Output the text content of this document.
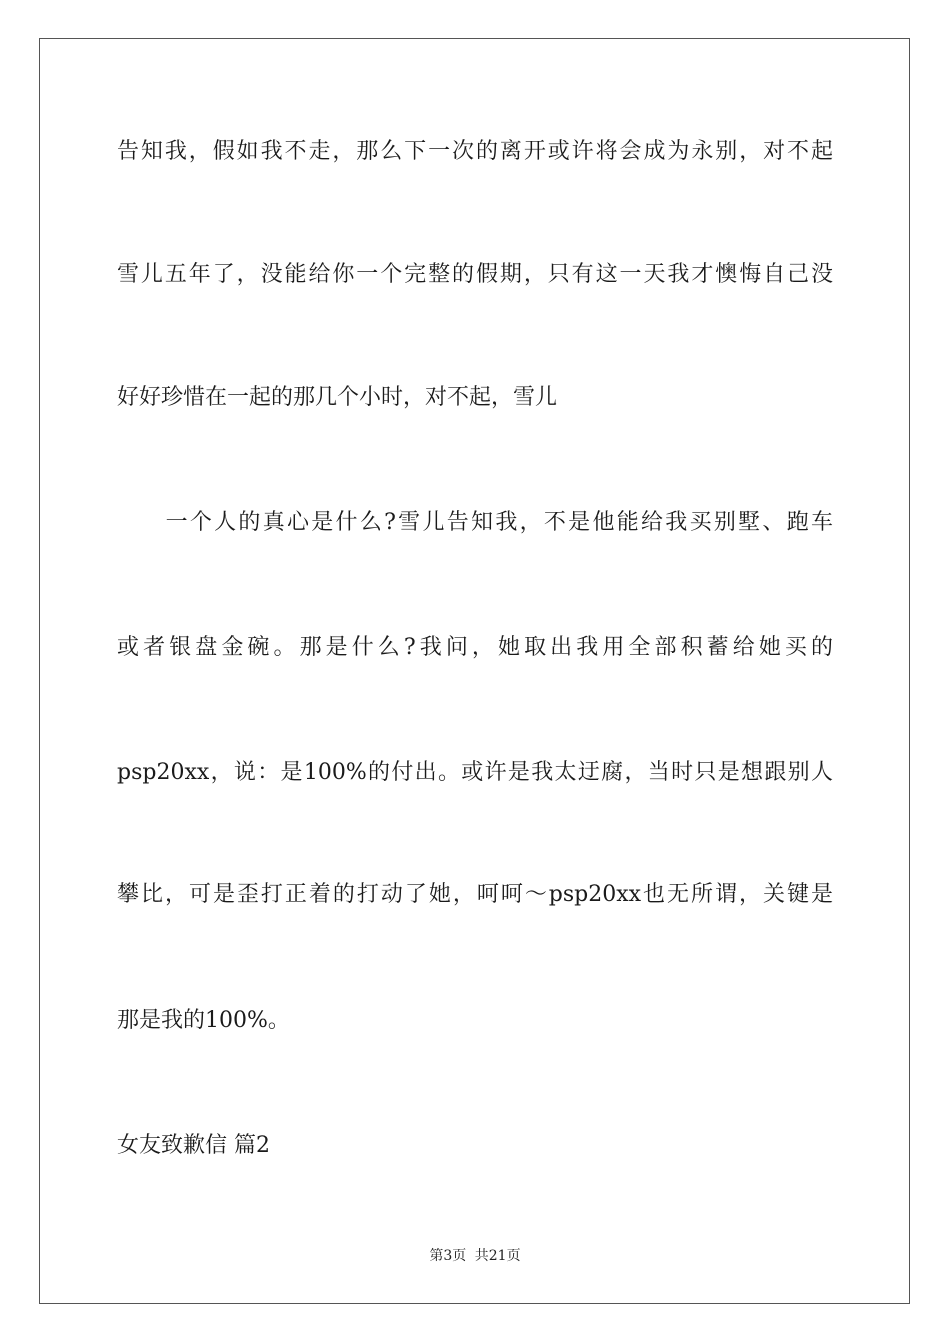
告知我，假如我不走，那么下一次的离开或许将会成为永别，对不起
雪儿五年了，没能给你一个完整的假期，只有这一天我才懊悔自己没
好好珍惜在一起的那几个小时，对不起，雪儿
　　一个人的真心是什么?雪儿告知我，不是他能给我买别墅、跑车
或者银盘金碗。那是什么?我问，她取出我用全部积蓄给她买的
psp20xx，说：是100%的付出。或许是我太迂腐，当时只是想跟别人
攀比，可是歪打正着的打动了她，呵呵～psp20xx也无所谓，关键是
那是我的100%。
女友致歉信 篇2
第3页 共21页
